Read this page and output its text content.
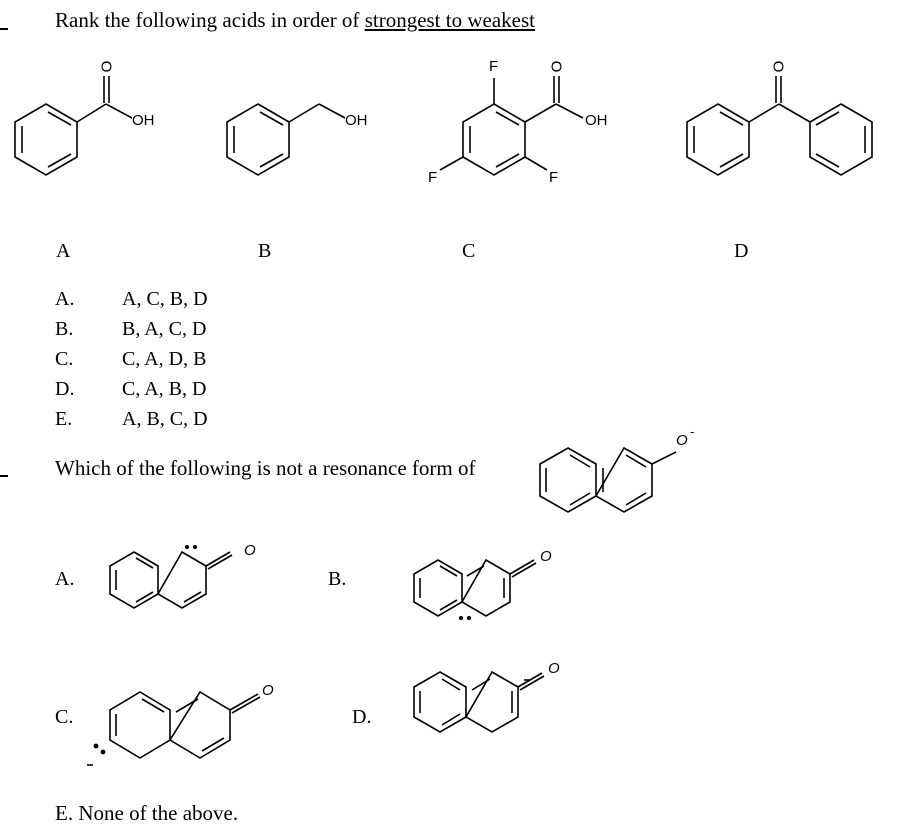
Rank the following acids in order of strongest to weakest
O
OH	OH
F	O
OH
F	F
O
A	B	C	D
A. A, C, B, D
B. B, A, C, D
C. C, A, D, B
D. C, A, B, D
E. A, B, C, D
Which of the following is not a resonance form of
O
-
A.
O
B.
O
C.
O
D.
O
E. None of the above.
